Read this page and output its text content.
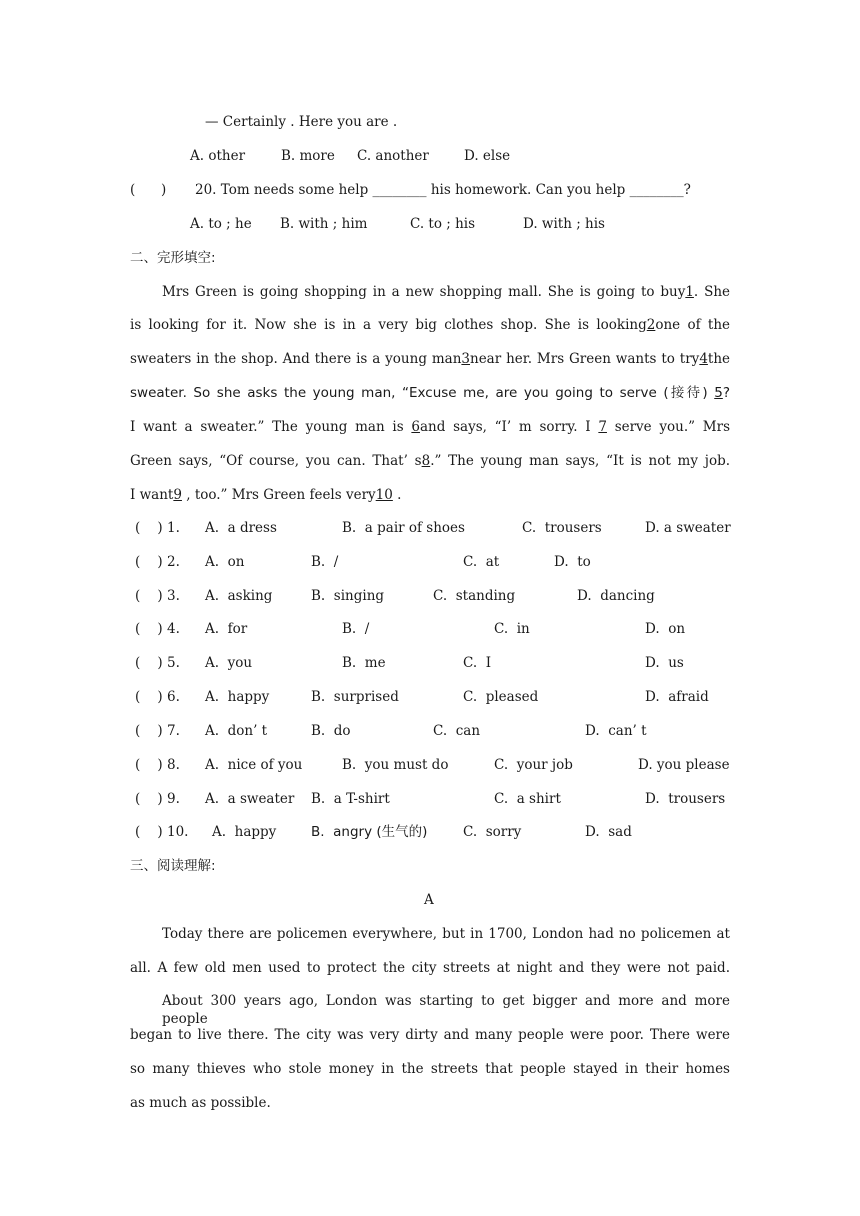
— Certainly . Here you are .
A. other	B. more C. another	D. else
(      ) 20. Tom needs some help ________ his homework. Can you help ________?
A. to ; he B. with ; him	C. to ; his	D. with ; his
二、完形填空:
Mrs Green is going shopping in a new shopping mall. She is going to buy1. She
is looking for it. Now she is in a very big clothes shop. She is looking2one of the
sweaters in the shop. And there is a young man3near her. Mrs Green wants to try4the
sweater. So she asks the young man, “Excuse me, are you going to serve (接待) 5?
I want a sweater.” The young man is 6and says, “I’ m sorry. I 7 serve you.” Mrs
Green says, “Of course, you can. That’ s8.” The young man says, “It is not my job.
I want9 , too.” Mrs Green feels very10 .
(    ) 1. A.  a dress	B.  a pair of shoes	C.  trousers	D. a sweater
(    ) 2. A.  on	B.  /	C.  at	D.  to
(    ) 3. A.  asking	B.  singing	C.  standing	D.  dancing
(    ) 4. A.  for	B.  /	C.  in	D.  on
(    ) 5. A.  you	B.  me	C.  I	D.  us
(    ) 6. A.  happy	B.  surprised	C.  pleased	D.  afraid
(    ) 7. A.  don’ t	B.  do	C.  can	D.  can’ t
(    ) 8. A.  nice of you	B.  you must do	C.  your job	D. you please
(    ) 9. A.  a sweater B.  a T-shirt	C.  a shirt	D.  trousers
(    ) 10. A.  happy	B.  angry (生气的)	C.  sorry	D.  sad
三、阅读理解:
A
Today there are policemen everywhere, but in 1700, London had no policemen at
all. A few old men used to protect the city streets at night and they were not paid.
About 300 years ago, London was starting to get bigger and more and more people
began to live there. The city was very dirty and many people were poor. There were
so many thieves who stole money in the streets that people stayed in their homes
as much as possible.
